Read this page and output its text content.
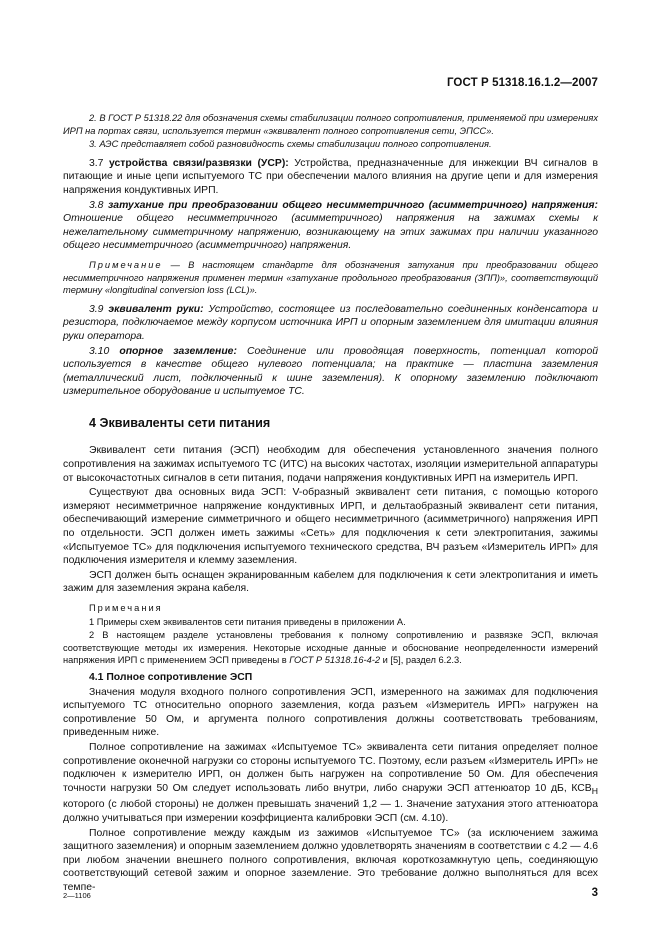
ГОСТ Р 51318.16.1.2—2007

2. В ГОСТ Р 51318.22 для обозначения схемы стабилизации полного сопротивления, применяемой при измерениях ИРП на портах связи, используется термин «эквивалент полного сопротивления сети, ЭПСС».

3. АЭС представляет собой разновидность схемы стабилизации полного сопротивления.

3.7 устройства связи/развязки (УСР): Устройства, предназначенные для инжекции ВЧ сигналов в питающие и иные цепи испытуемого ТС при обеспечении малого влияния на другие цепи и для измерения напряжения кондуктивных ИРП.

3.8 затухание при преобразовании общего несимметричного (асимметричного) напряжения: Отношение общего несимметричного (асимметричного) напряжения на зажимах схемы к нежелательному симметричному напряжению, возникающему на этих зажимах при наличии указанного общего несимметричного (асимметричного) напряжения.

Примечание — В настоящем стандарте для обозначения затухания при преобразовании общего несимметричного напряжения применен термин «затухание продольного преобразования (ЗПП)», соответствующий термину «longitudinal conversion loss (LCL)».

3.9 эквивалент руки: Устройство, состоящее из последовательно соединенных конденсатора и резистора, подключаемое между корпусом источника ИРП и опорным заземлением для имитации влияния руки оператора.

3.10 опорное заземление: Соединение или проводящая поверхность, потенциал которой используется в качестве общего нулевого потенциала; на практике — пластина заземления (металлический лист, подключенный к шине заземления). К опорному заземлению подключают измерительное оборудование и испытуемое ТС.

4 Эквиваленты сети питания

Эквивалент сети питания (ЭСП) необходим для обеспечения установленного значения полного сопротивления на зажимах испытуемого ТС (ИТС) на высоких частотах, изоляции измерительной аппаратуры от высокочастотных сигналов в сети питания, подачи напряжения кондуктивных ИРП на измеритель ИРП.

Существуют два основных вида ЭСП: V-образный эквивалент сети питания, с помощью которого измеряют несимметричное напряжение кондуктивных ИРП, и дельтаобразный эквивалент сети питания, обеспечивающий измерение симметричного и общего несимметричного (асимметричного) напряжения ИРП по отдельности. ЭСП должен иметь зажимы «Сеть» для подключения к сети электропитания, зажимы «Испытуемое ТС» для подключения испытуемого технического средства, ВЧ разъем «Измеритель ИРП» для подключения измерителя и клемму заземления.

ЭСП должен быть оснащен экранированным кабелем для подключения к сети электропитания и иметь зажим для заземления экрана кабеля.

Примечания

1 Примеры схем эквивалентов сети питания приведены в приложении А.

2 В настоящем разделе установлены требования к полному сопротивлению и развязке ЭСП, включая соответствующие методы их измерения. Некоторые исходные данные и обоснование неопределенности измерений напряжения ИРП с применением ЭСП приведены в ГОСТ Р 51318.16-4-2 и [5], раздел 6.2.3.

4.1 Полное сопротивление ЭСП

Значения модуля входного полного сопротивления ЭСП, измеренного на зажимах для подключения испытуемого ТС относительно опорного заземления, когда разъем «Измеритель ИРП» нагружен на сопротивление 50 Ом, и аргумента полного сопротивления должны соответствовать требованиям, приведенным ниже.

Полное сопротивление на зажимах «Испытуемое ТС» эквивалента сети питания определяет полное сопротивление оконечной нагрузки со стороны испытуемого ТС. Поэтому, если разъем «Измеритель ИРП» не подключен к измерителю ИРП, он должен быть нагружен на сопротивление 50 Ом. Для обеспечения точности нагрузки 50 Ом следует использовать либо внутри, либо снаружи ЭСП аттенюатор 10 дБ, $КСВ_Н$ которого (с любой стороны) не должен превышать значений 1,2 — 1. Значение затухания этого аттенюатора должно учитываться при измерении коэффициента калибровки ЭСП (см. 4.10).

Полное сопротивление между каждым из зажимов «Испытуемое ТС» (за исключением зажима защитного заземления) и опорным заземлением должно удовлетворять значениям в соответствии с 4.2 — 4.6 при любом значении внешнего полного сопротивления, включая короткозамкнутую цепь, соединяющую соответствующий сетевой зажим и опорное заземление. Это требование должно выполняться для всех темпе-

2—1106	3
